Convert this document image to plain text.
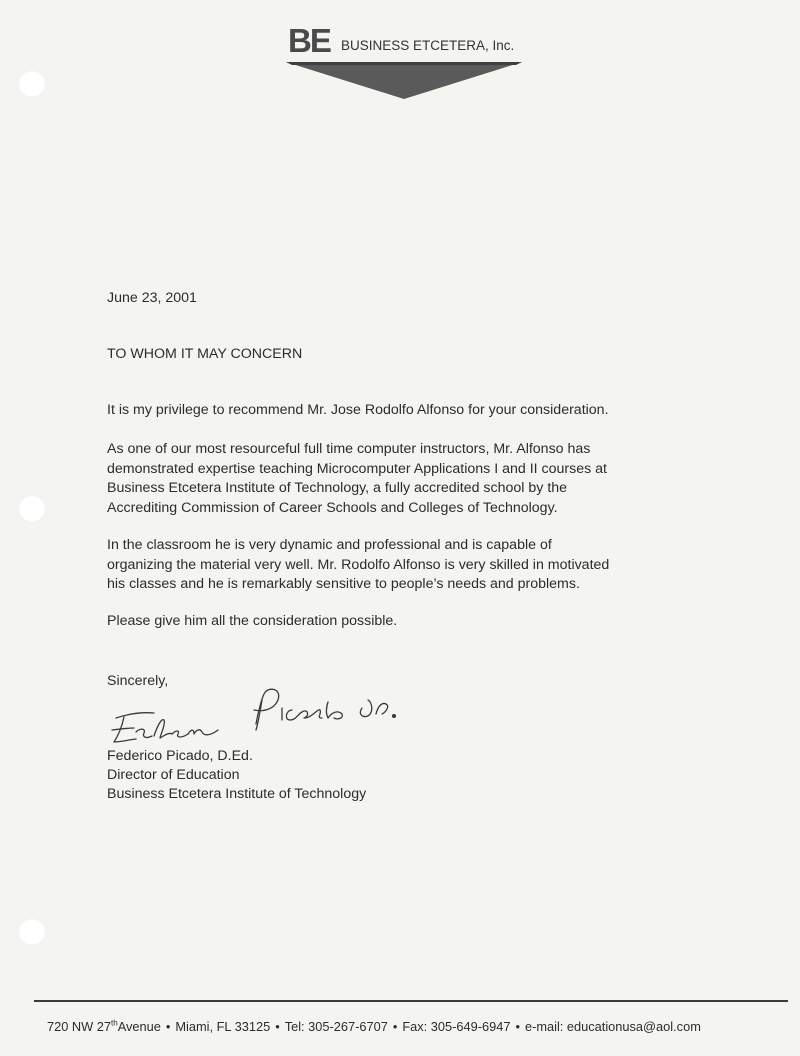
BE BUSINESS ETCETERA, Inc.
June 23, 2001
TO WHOM IT MAY CONCERN
It is my privilege to recommend Mr. Jose Rodolfo Alfonso for your consideration.
As one of our most resourceful full time computer instructors, Mr. Alfonso has
demonstrated expertise teaching Microcomputer Applications I and II courses at
Business Etcetera Institute of Technology, a fully accredited school by the
Accrediting Commission of Career Schools and Colleges of Technology.
In the classroom he is very dynamic and professional and is capable of
organizing the material very well. Mr. Rodolfo Alfonso is very skilled in motivated
his classes and he is remarkably sensitive to people’s needs and problems.
Please give him all the consideration possible.
Sincerely,
Federico Picado, D.Ed.
Director of Education
Business Etcetera Institute of Technology
720 NW 27thAvenue • Miami, FL 33125 • Tel: 305-267-6707 • Fax: 305-649-6947 • e-mail: educationusa@aol.com
